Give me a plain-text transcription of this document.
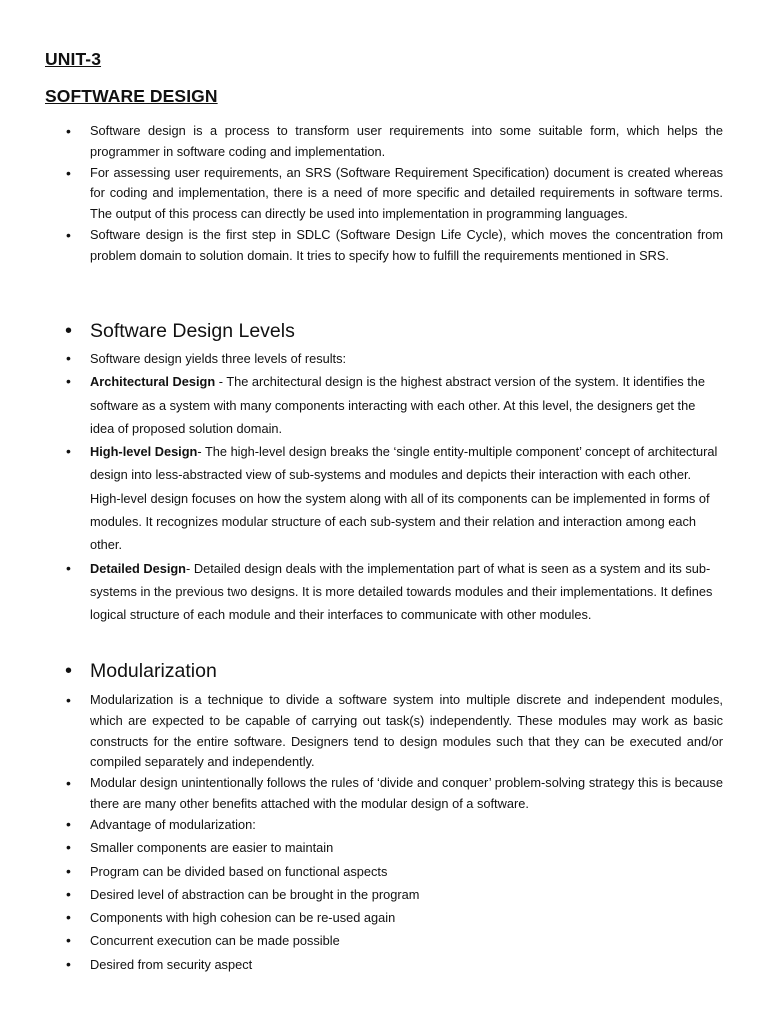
UNIT-3
SOFTWARE DESIGN
• Software design is a process to transform user requirements into some suitable form, which helps the programmer in software coding and implementation.
• For assessing user requirements, an SRS (Software Requirement Specification) document is created whereas for coding and implementation, there is a need of more specific and detailed requirements in software terms. The output of this process can directly be used into implementation in programming languages.
• Software design is the first step in SDLC (Software Design Life Cycle), which moves the concentration from problem domain to solution domain. It tries to specify how to fulfill the requirements mentioned in SRS.
• Software Design Levels
• Software design yields three levels of results:
• Architectural Design - The architectural design is the highest abstract version of the system. It identifies the software as a system with many components interacting with each other. At this level, the designers get the idea of proposed solution domain.
• High-level Design- The high-level design breaks the ‘single entity-multiple component’ concept of architectural design into less-abstracted view of sub-systems and modules and depicts their interaction with each other. High-level design focuses on how the system along with all of its components can be implemented in forms of modules. It recognizes modular structure of each sub-system and their relation and interaction among each other.
• Detailed Design- Detailed design deals with the implementation part of what is seen as a system and its sub-systems in the previous two designs. It is more detailed towards modules and their implementations. It defines logical structure of each module and their interfaces to communicate with other modules.
• Modularization
• Modularization is a technique to divide a software system into multiple discrete and independent modules, which are expected to be capable of carrying out task(s) independently. These modules may work as basic constructs for the entire software. Designers tend to design modules such that they can be executed and/or compiled separately and independently.
• Modular design unintentionally follows the rules of ‘divide and conquer’ problem-solving strategy this is because there are many other benefits attached with the modular design of a software.
• Advantage of modularization:
• Smaller components are easier to maintain
• Program can be divided based on functional aspects
• Desired level of abstraction can be brought in the program
• Components with high cohesion can be re-used again
• Concurrent execution can be made possible
• Desired from security aspect
